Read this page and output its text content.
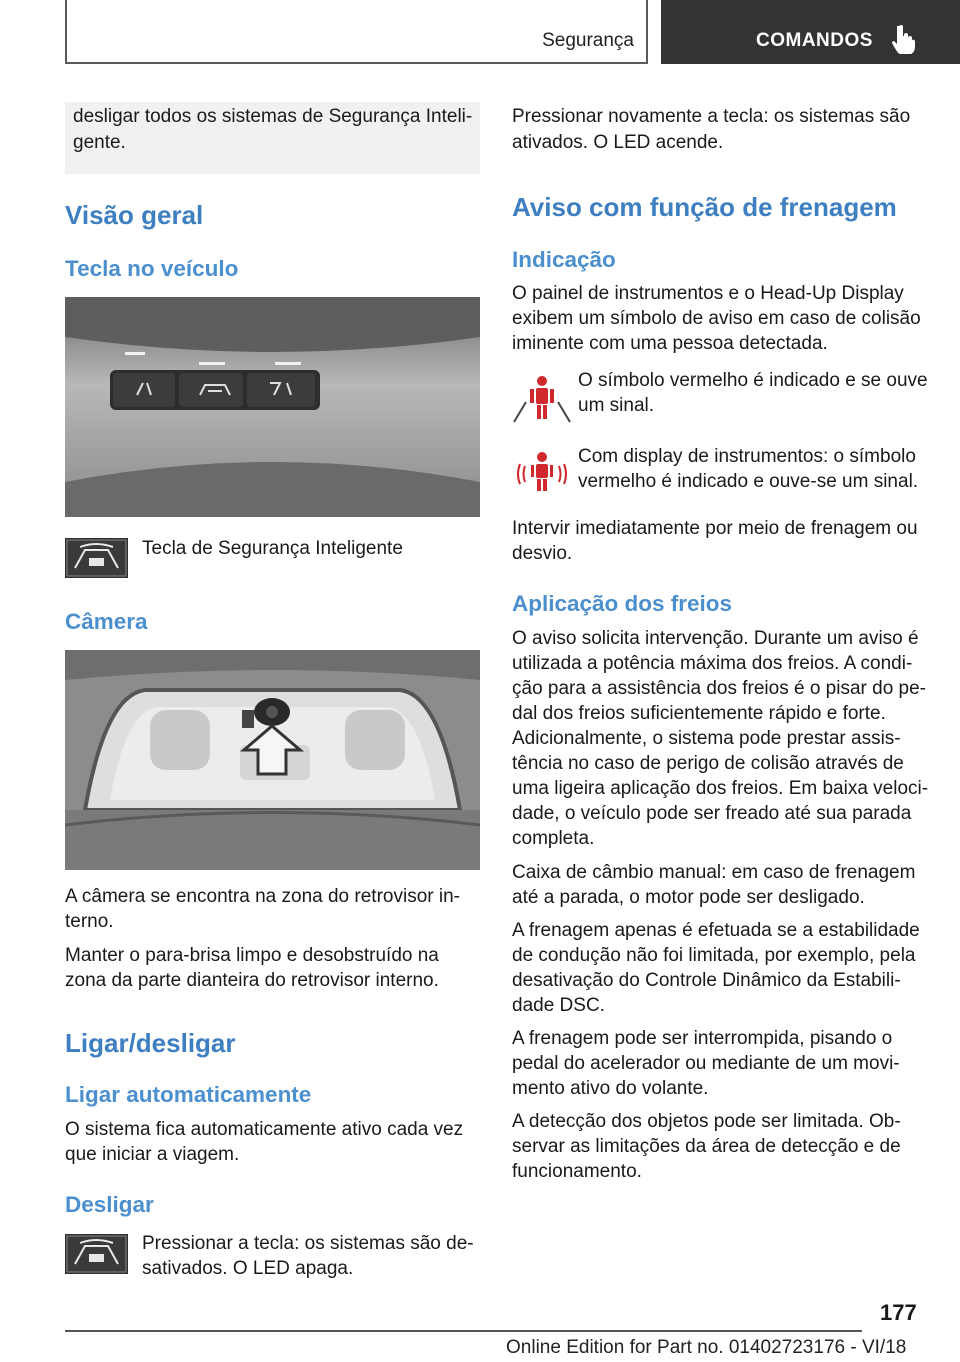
Segurança	COMANDOS

desligar todos os sistemas de Segurança Inteli‐

gente.

Visão geral
Tecla no veículo

Tecla de Segurança Inteligente

Câmera

A câmera se encontra na zona do retrovisor in‐

terno.

Manter o para-brisa limpo e desobstruído na

zona da parte dianteira do retrovisor interno.

Ligar/desligar
Ligar automaticamente

O sistema fica automaticamente ativo cada vez

que iniciar a viagem.

Desligar

Pressionar a tecla: os sistemas são de‐

sativados. O LED apaga.

Pressionar novamente a tecla: os sistemas são

ativados. O LED acende.

Aviso com função de frenagem
Indicação

O painel de instrumentos e o Head-Up Display

exibem um símbolo de aviso em caso de colisão

iminente com uma pessoa detectada.

O símbolo vermelho é indicado e se ouve

um sinal.

Com display de instrumentos: o símbolo

vermelho é indicado e ouve-se um sinal.

Intervir imediatamente por meio de frenagem ou

desvio.

Aplicação dos freios

O aviso solicita intervenção. Durante um aviso é

utilizada a potência máxima dos freios. A condi‐

ção para a assistência dos freios é o pisar do pe‐

dal dos freios suficientemente rápido e forte.

Adicionalmente, o sistema pode prestar assis‐

tência no caso de perigo de colisão através de

uma ligeira aplicação dos freios. Em baixa veloci‐

dade, o veículo pode ser freado até sua parada

completa.

Caixa de câmbio manual: em caso de frenagem

até a parada, o motor pode ser desligado.

A frenagem apenas é efetuada se a estabilidade

de condução não foi limitada, por exemplo, pela

desativação do Controle Dinâmico da Estabili‐

dade DSC.

A frenagem pode ser interrompida, pisando o

pedal do acelerador ou mediante de um movi‐

mento ativo do volante.

A detecção dos objetos pode ser limitada. Ob‐

servar as limitações da área de detecção e de

funcionamento.

177
Online Edition for Part no. 01402723176 - VI/18
